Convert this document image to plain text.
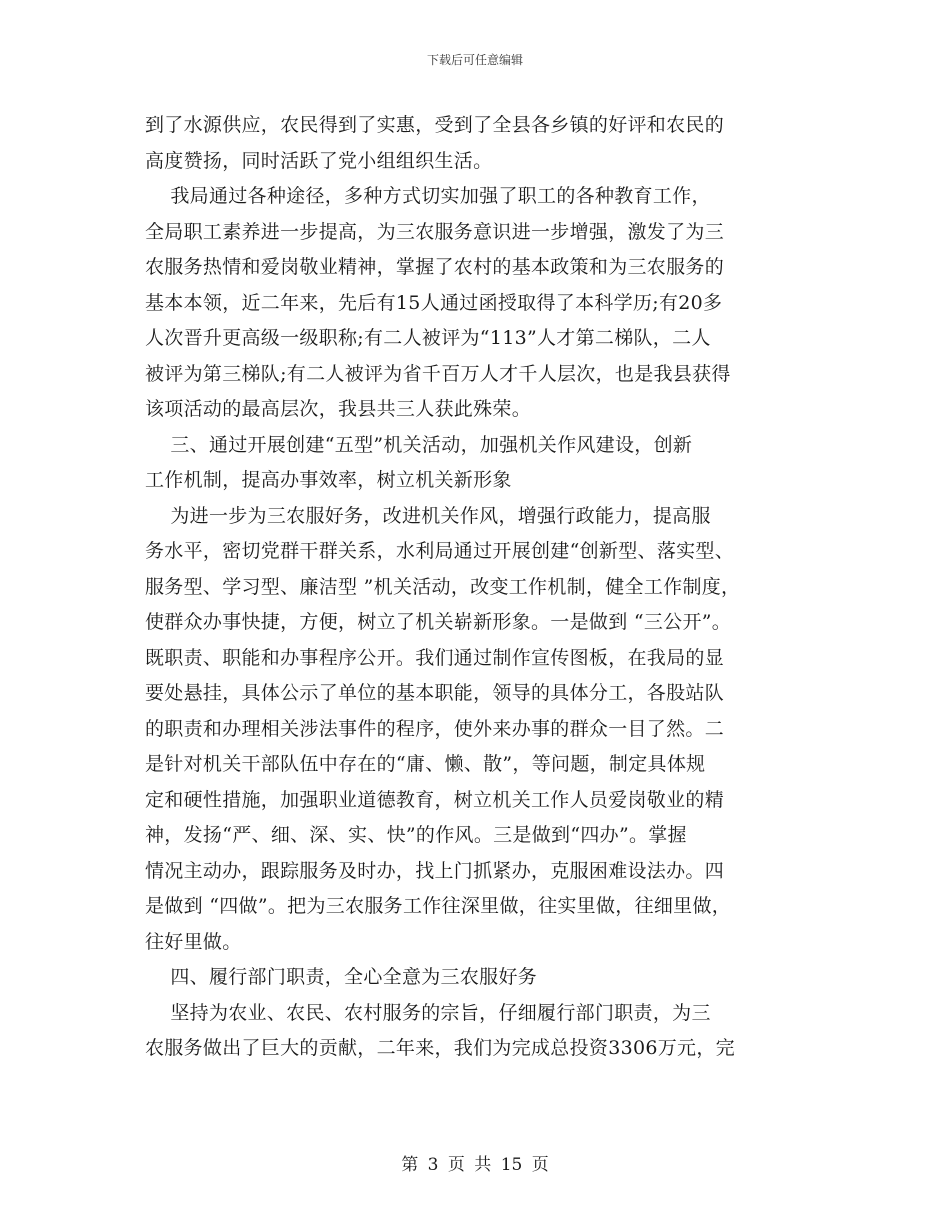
下载后可任意编辑
到了水源供应，农民得到了实惠，受到了全县各乡镇的好评和农民的
高度赞扬，同时活跃了党小组组织生活。
我局通过各种途径，多种方式切实加强了职工的各种教育工作，
全局职工素养进一步提高，为三农服务意识进一步增强，激发了为三
农服务热情和爱岗敬业精神，掌握了农村的基本政策和为三农服务的
基本本领，近二年来，先后有15人通过函授取得了本科学历;有20多
人次晋升更高级一级职称;有二人被评为“113”人才第二梯队，二人
被评为第三梯队;有二人被评为省千百万人才千人层次，也是我县获得
该项活动的最高层次，我县共三人获此殊荣。
三、通过开展创建“五型”机关活动，加强机关作风建设，创新
工作机制，提高办事效率，树立机关新形象
为进一步为三农服好务，改进机关作风，增强行政能力，提高服
务水平，密切党群干群关系，水利局通过开展创建“创新型、落实型、
服务型、学习型、廉洁型 ”机关活动，改变工作机制，健全工作制度，
使群众办事快捷，方便，树立了机关崭新形象。一是做到 “三公开”。
既职责、职能和办事程序公开。我们通过制作宣传图板，在我局的显
要处悬挂，具体公示了单位的基本职能，领导的具体分工，各股站队
的职责和办理相关涉法事件的程序，使外来办事的群众一目了然。二
是针对机关干部队伍中存在的“庸、懒、散”，等问题，制定具体规
定和硬性措施，加强职业道德教育，树立机关工作人员爱岗敬业的精
神，发扬“严、细、深、实、快”的作风。三是做到“四办”。掌握
情况主动办，跟踪服务及时办，找上门抓紧办，克服困难设法办。四
是做到 “四做”。把为三农服务工作往深里做，往实里做，往细里做，
往好里做。
四、履行部门职责，全心全意为三农服好务
坚持为农业、农民、农村服务的宗旨，仔细履行部门职责，为三
农服务做出了巨大的贡献，二年来，我们为完成总投资3306万元，完
第 3 页 共 15 页
